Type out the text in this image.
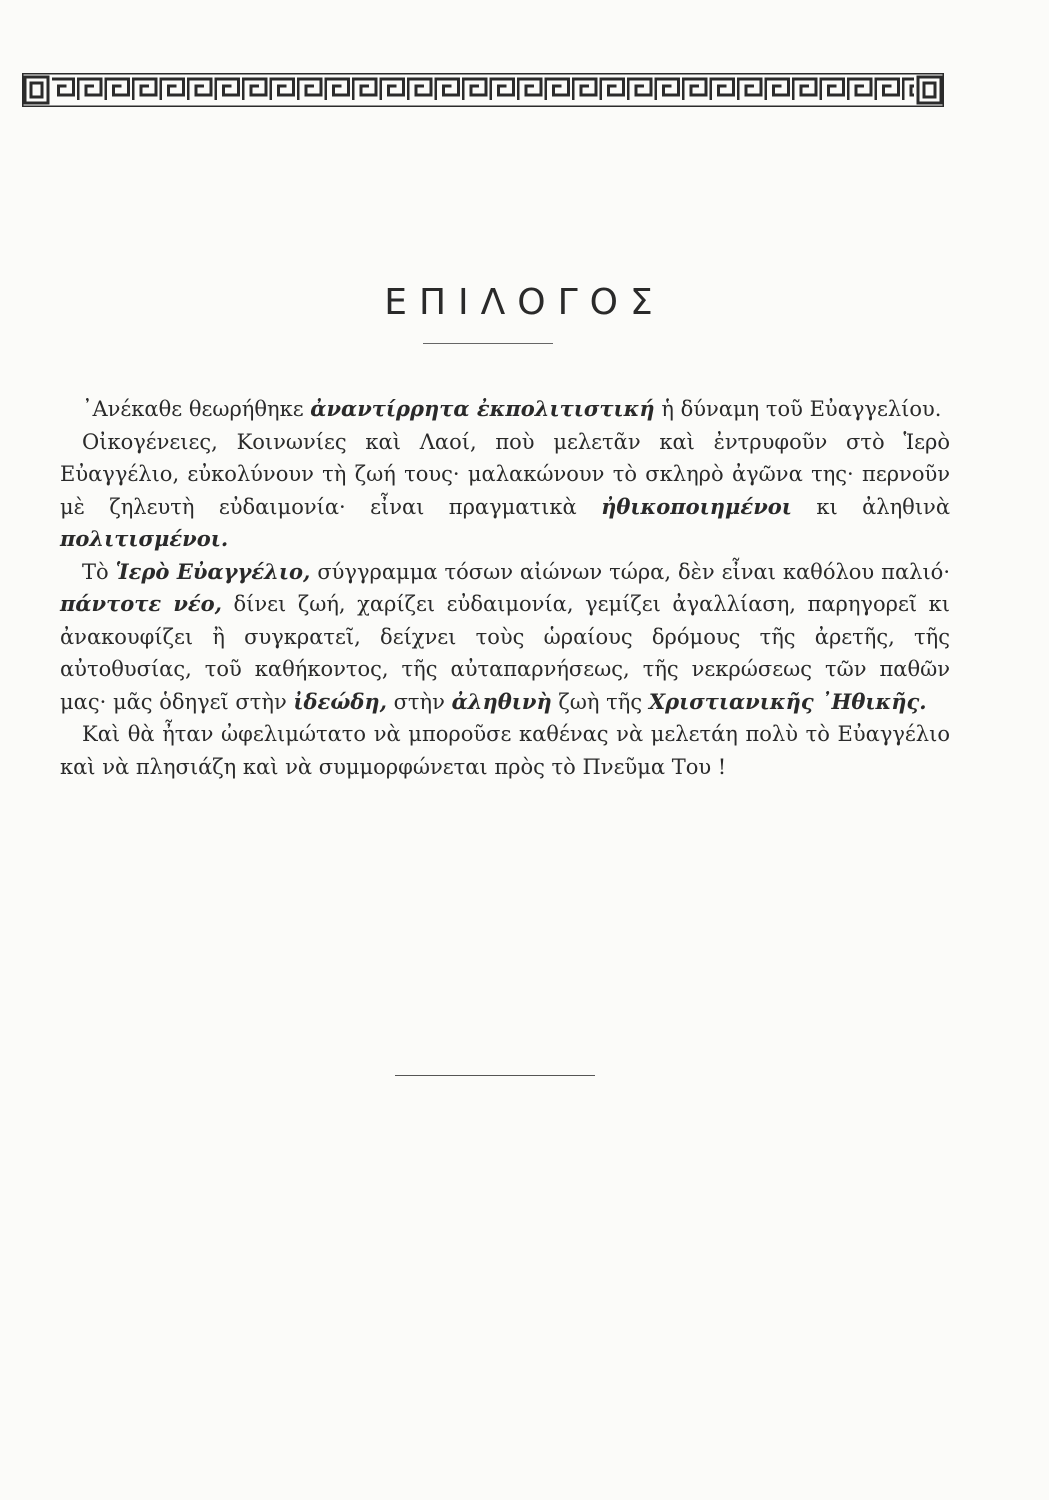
ΕΠΙΛΟΓΟΣ

᾿Ανέκαθε θεωρήθηκε ἀναντίρρητα ἐκπολιτιστική ἡ δύναμη τοῦ Εὐαγγελίου.

Οἰκογένειες, Κοινωνίες καὶ Λαοί, ποὺ μελετᾶν καὶ ἐντρυφοῦν στὸ Ἱερὸ Εὐαγγέλιο, εὐκολύνουν τὴ ζωή τους· μαλακώνουν τὸ σκληρὸ ἀγῶνα της· περνοῦν μὲ ζηλευτὴ εὐδαιμονία· εἶναι πραγματικὰ ἠθικοποιημένοι κι ἀληθινὰ πολιτισμένοι.

Τὸ Ἱερὸ Εὐαγγέλιο, σύγγραμμα τόσων αἰώνων τώρα, δὲν εἶναι καθόλου παλιό· πάντοτε νέο, δίνει ζωή, χαρίζει εὐδαιμονία, γεμίζει ἀγαλλίαση, παρηγορεῖ κι ἀνακουφίζει ἢ συγκρατεῖ, δείχνει τοὺς ὡραίους δρόμους τῆς ἀρετῆς, τῆς αὐτοθυσίας, τοῦ καθήκοντος, τῆς αὐταπαρνήσεως, τῆς νεκρώσεως τῶν παθῶν μας· μᾶς ὁδηγεῖ στὴν ἰδεώδη, στὴν ἀληθινὴ ζωὴ τῆς Χριστιανικῆς ᾿Ηθικῆς.

Καὶ θὰ ἦταν ὠφελιμώτατο νὰ μποροῦσε καθένας νὰ μελετάη πολὺ τὸ Εὐαγγέλιο καὶ νὰ πλησιάζη καὶ νὰ συμμορφώνεται πρὸς τὸ Πνεῦμα Του !
